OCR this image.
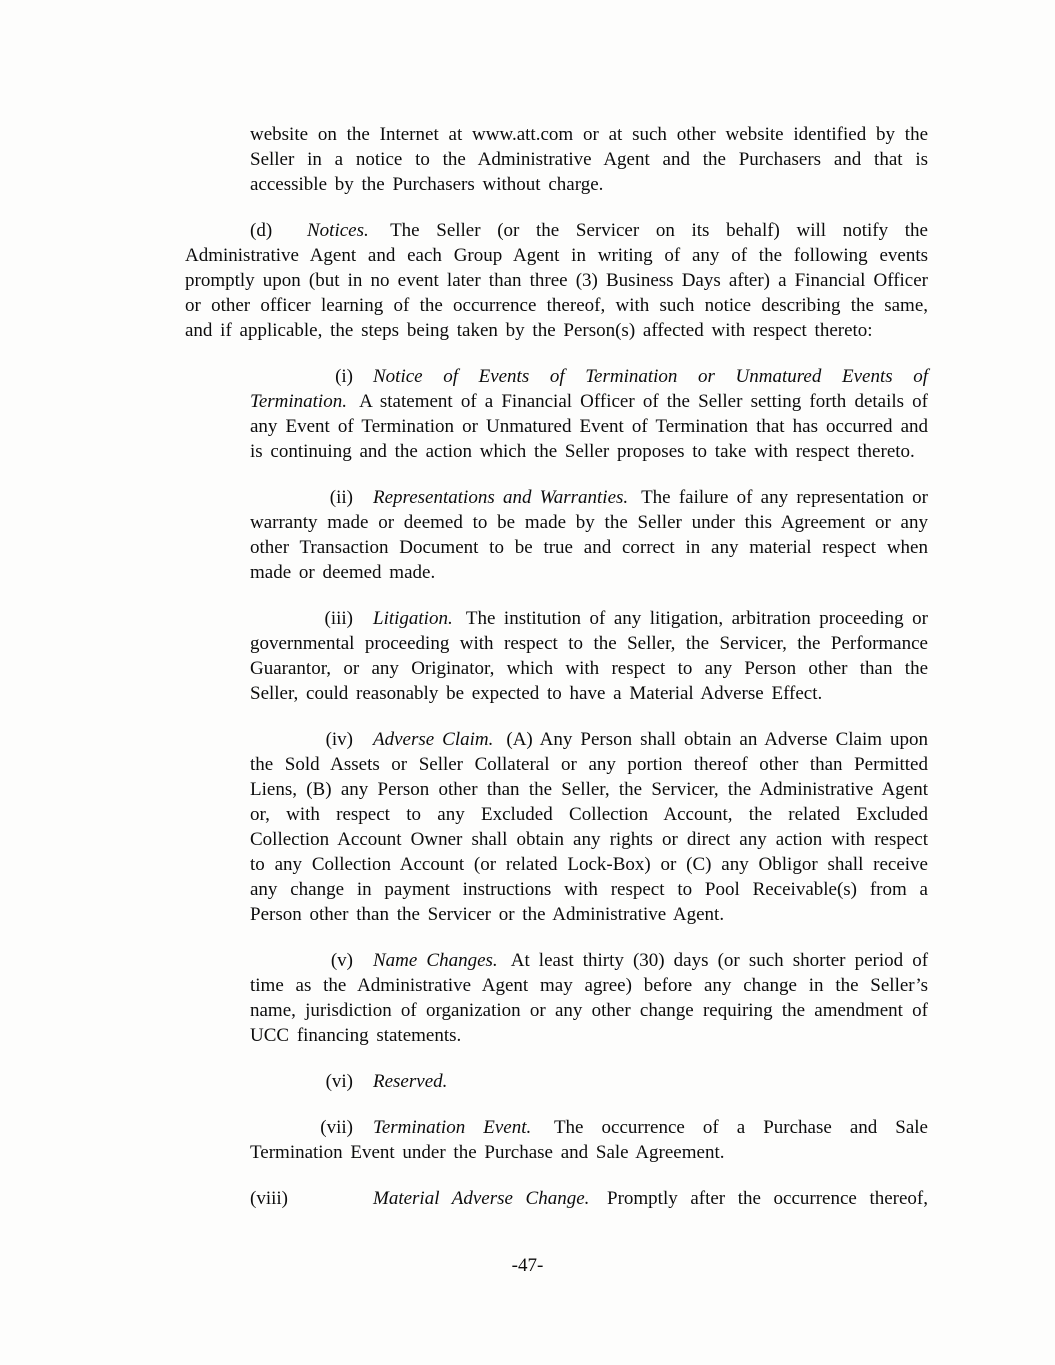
website on the Internet at www.att.com or at such other website identified by the Seller in a notice to the Administrative Agent and the Purchasers and that is accessible by the Purchasers without charge.

(d) Notices. The Seller (or the Servicer on its behalf) will notify the Administrative Agent and each Group Agent in writing of any of the following events promptly upon (but in no event later than three (3) Business Days after) a Financial Officer or other officer learning of the occurrence thereof, with such notice describing the same, and if applicable, the steps being taken by the Person(s) affected with respect thereto:

(i) Notice of Events of Termination or Unmatured Events of Termination. A statement of a Financial Officer of the Seller setting forth details of any Event of Termination or Unmatured Event of Termination that has occurred and is continuing and the action which the Seller proposes to take with respect thereto.

(ii) Representations and Warranties. The failure of any representation or warranty made or deemed to be made by the Seller under this Agreement or any other Transaction Document to be true and correct in any material respect when made or deemed made.

(iii) Litigation. The institution of any litigation, arbitration proceeding or governmental proceeding with respect to the Seller, the Servicer, the Performance Guarantor, or any Originator, which with respect to any Person other than the Seller, could reasonably be expected to have a Material Adverse Effect.

(iv) Adverse Claim. (A) Any Person shall obtain an Adverse Claim upon the Sold Assets or Seller Collateral or any portion thereof other than Permitted Liens, (B) any Person other than the Seller, the Servicer, the Administrative Agent or, with respect to any Excluded Collection Account, the related Excluded Collection Account Owner shall obtain any rights or direct any action with respect to any Collection Account (or related Lock-Box) or (C) any Obligor shall receive any change in payment instructions with respect to Pool Receivable(s) from a Person other than the Servicer or the Administrative Agent.

(v) Name Changes. At least thirty (30) days (or such shorter period of time as the Administrative Agent may agree) before any change in the Seller’s name, jurisdiction of organization or any other change requiring the amendment of UCC financing statements.

(vi) Reserved.

(vii) Termination Event. The occurrence of a Purchase and Sale Termination Event under the Purchase and Sale Agreement.

(viii)	Material Adverse Change. Promptly after the occurrence thereof,

-47-
